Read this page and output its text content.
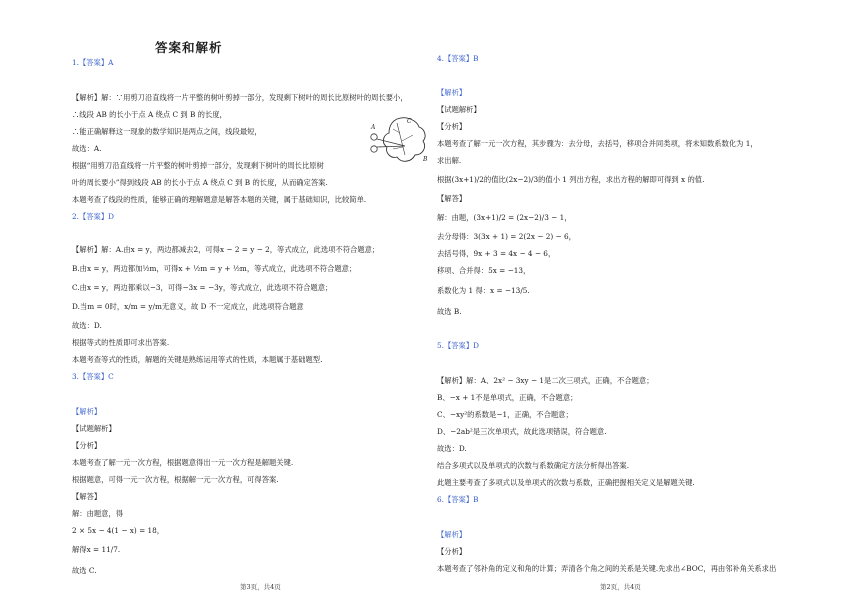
答案和解析
1.【答案】A
【解析】解：∵用剪刀沿直线将一片平整的树叶剪掉一部分，发现剩下树叶的周长比原树叶的周长要小，
∴线段 AB 的长小于点 A 绕点 C 到 B 的长度，
∴能正确解释这一现象的数学知识是两点之间，线段最短，
故选：A.
根据“用剪刀沿直线将一片平整的树叶剪掉一部分，发现剩下树叶的周长比原树
叶的周长要小”得到线段 AB 的长小于点 A 绕点 C 到 B 的长度，从而确定答案.
本题考查了线段的性质，能够正确的理解题意是解答本题的关键，属于基础知识，比较简单.
2.【答案】D
【解析】解：A.由x = y，两边都减去2，可得x − 2 = y − 2，等式成立，此选项不符合题意；
B.由x = y，两边都加½m，可得x + ½m = y + ½m，等式成立，此选项不符合题意；
C.由x = y，两边都乘以−3，可得−3x = −3y，等式成立，此选项不符合题意；
D.当m = 0时，x/m = y/m无意义，故 D 不一定成立，此选项符合题意
故选：D.
根据等式的性质即可求出答案.
本题考查等式的性质，解题的关键是熟练运用等式的性质，本题属于基础题型.
3.【答案】C
【解析】
【试题解析】
【分析】
本题考查了解一元一次方程，根据题意得出一元一次方程是解题关键.
根据题意，可得一元一次方程，根据解一元一次方程，可得答案.
【解答】
解：由题意，得
2 × 5x − 4(1 − x) = 18，
解得x = 11/7.
故选 C.
A
C
B
第3页，共4页
4.【答案】B
【解析】
【试题解析】
【分析】
本题考查了解一元一次方程，其步骤为：去分母，去括号，移项合并同类项，将未知数系数化为 1，
求出解.
根据(3x+1)/2的值比(2x−2)/3的值小 1 列出方程，求出方程的解即可得到 x 的值.
【解答】
解：由题，(3x+1)/2 = (2x−2)/3 − 1，
去分母得：3(3x + 1) = 2(2x − 2) − 6，
去括号得，9x + 3 = 4x − 4 − 6，
移项、合并得：5x = −13，
系数化为 1 得：x = −13/5.
故选 B.
5.【答案】D
【解析】解：A、2x² − 3xy − 1是二次三项式，正确，不合题意；
B、−x + 1不是单项式，正确，不合题意；
C、−xy²的系数是−1，正确，不合题意；
D、−2ab²是三次单项式，故此选项错误，符合题意.
故选：D.
结合多项式以及单项式的次数与系数确定方法分析得出答案.
此题主要考查了多项式以及单项式的次数与系数，正确把握相关定义是解题关键.
6.【答案】B
【解析】
【分析】
本题考查了邻补角的定义和角的计算；弄清各个角之间的关系是关键.先求出∠BOC，再由邻补角关系求出
第2页，共4页
